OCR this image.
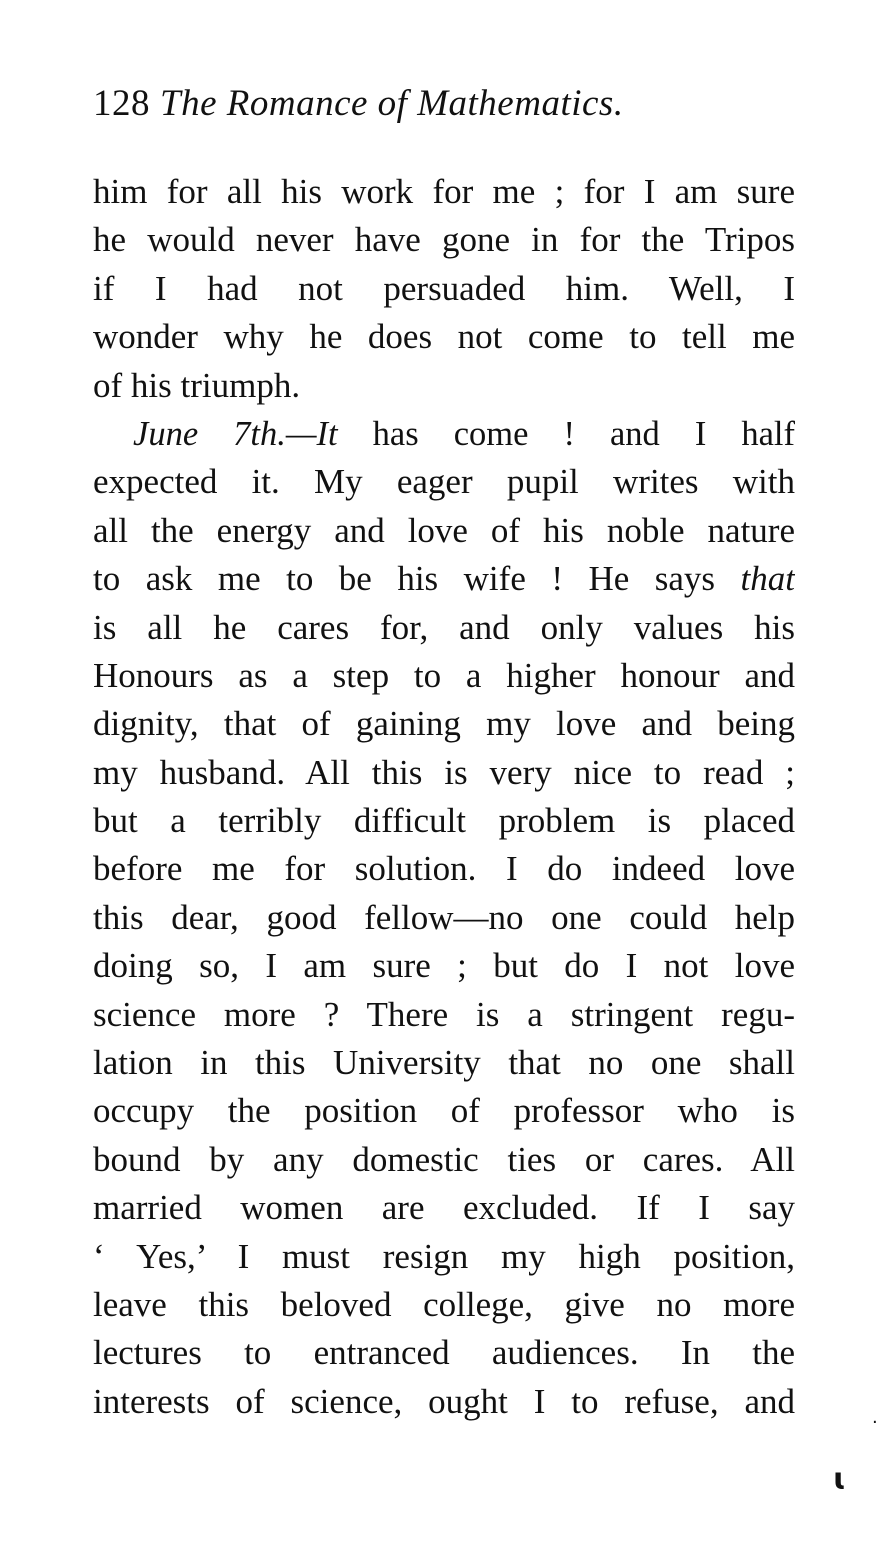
128 The Romance of Mathematics.
him for all his work for me ; for I am sure
he would never have gone in for the Tripos
if I had not persuaded him. Well, I
wonder why he does not come to tell me
of his triumph.
June 7th.—It has come ! and I half
expected it. My eager pupil writes with
all the energy and love of his noble nature
to ask me to be his wife ! He says that
is all he cares for, and only values his
Honours as a step to a higher honour and
dignity, that of gaining my love and being
my husband. All this is very nice to read ;
but a terribly difficult problem is placed
before me for solution. I do indeed love
this dear, good fellow—no one could help
doing so, I am sure ; but do I not love
science more ? There is a stringent regu-
lation in this University that no one shall
occupy the position of professor who is
bound by any domestic ties or cares. All
married women are excluded. If I say
‘ Yes,’ I must resign my high position,
leave this beloved college, give no more
lectures to entranced audiences. In the
interests of science, ought I to refuse, and
·
ɩ
